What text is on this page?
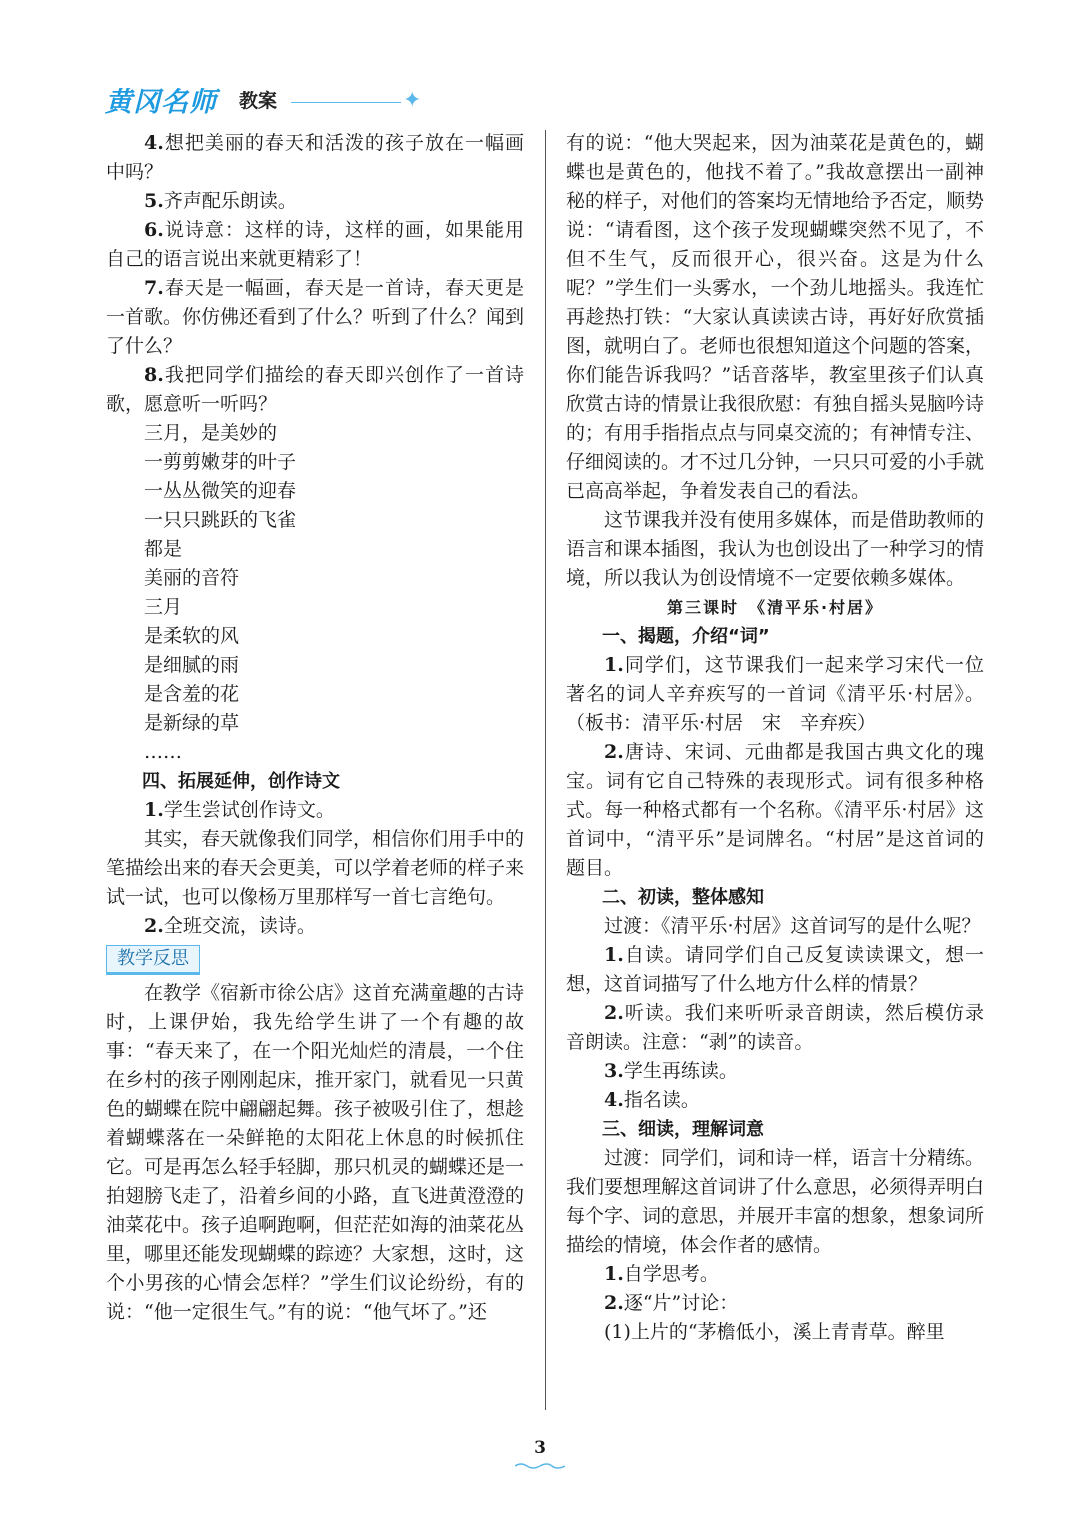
黄冈名师 教案	✦

4.想把美丽的春天和活泼的孩子放在一幅画中吗？

5.齐声配乐朗读。

6.说诗意：这样的诗，这样的画，如果能用自己的语言说出来就更精彩了！

7.春天是一幅画，春天是一首诗，春天更是一首歌。你仿佛还看到了什么？听到了什么？闻到了什么？

8.我把同学们描绘的春天即兴创作了一首诗歌，愿意听一听吗？

三月，是美妙的

一剪剪嫩芽的叶子

一丛丛微笑的迎春

一只只跳跃的飞雀

都是

美丽的音符

三月

是柔软的风

是细腻的雨

是含羞的花

是新绿的草

……

四、拓展延伸，创作诗文

1.学生尝试创作诗文。

其实，春天就像我们同学，相信你们用手中的笔描绘出来的春天会更美，可以学着老师的样子来试一试，也可以像杨万里那样写一首七言绝句。

2.全班交流，读诗。

教学反思

在教学《宿新市徐公店》这首充满童趣的古诗时，上课伊始，我先给学生讲了一个有趣的故事：“春天来了，在一个阳光灿烂的清晨，一个住在乡村的孩子刚刚起床，推开家门，就看见一只黄色的蝴蝶在院中翩翩起舞。孩子被吸引住了，想趁着蝴蝶落在一朵鲜艳的太阳花上休息的时候抓住它。可是再怎么轻手轻脚，那只机灵的蝴蝶还是一拍翅膀飞走了，沿着乡间的小路，直飞进黄澄澄的油菜花中。孩子追啊跑啊，但茫茫如海的油菜花丛里，哪里还能发现蝴蝶的踪迹？大家想，这时，这个小男孩的心情会怎样？”学生们议论纷纷，有的说：“他一定很生气。”有的说：“他气坏了。”还

有的说：“他大哭起来，因为油菜花是黄色的，蝴蝶也是黄色的，他找不着了。”我故意摆出一副神秘的样子，对他们的答案均无情地给予否定，顺势说：“请看图，这个孩子发现蝴蝶突然不见了，不但不生气，反而很开心，很兴奋。这是为什么呢？”学生们一头雾水，一个劲儿地摇头。我连忙再趁热打铁：“大家认真读读古诗，再好好欣赏插图，就明白了。老师也很想知道这个问题的答案，你们能告诉我吗？”话音落毕，教室里孩子们认真欣赏古诗的情景让我很欣慰：有独自摇头晃脑吟诗的；有用手指指点点与同桌交流的；有神情专注、仔细阅读的。才不过几分钟，一只只可爱的小手就已高高举起，争着发表自己的看法。

这节课我并没有使用多媒体，而是借助教师的语言和课本插图，我认为也创设出了一种学习的情境，所以我认为创设情境不一定要依赖多媒体。

第三课时　《清平乐·村居》

一、揭题，介绍“词”

1.同学们，这节课我们一起来学习宋代一位著名的词人辛弃疾写的一首词《清平乐·村居》。（板书：清平乐·村居　宋　辛弃疾）

2.唐诗、宋词、元曲都是我国古典文化的瑰宝。词有它自己特殊的表现形式。词有很多种格式。每一种格式都有一个名称。《清平乐·村居》这首词中，“清平乐”是词牌名。“村居”是这首词的题目。

二、初读，整体感知

过渡：《清平乐·村居》这首词写的是什么呢？

1.自读。请同学们自己反复读读课文，想一想，这首词描写了什么地方什么样的情景？

2.听读。我们来听听录音朗读，然后模仿录音朗读。注意：“剥”的读音。

3.学生再练读。

4.指名读。

三、细读，理解词意

过渡：同学们，词和诗一样，语言十分精练。我们要想理解这首词讲了什么意思，必须得弄明白每个字、词的意思，并展开丰富的想象，想象词所描绘的情境，体会作者的感情。

1.自学思考。

2.逐“片”讨论：

(1)上片的“茅檐低小，溪上青青草。醉里

3
